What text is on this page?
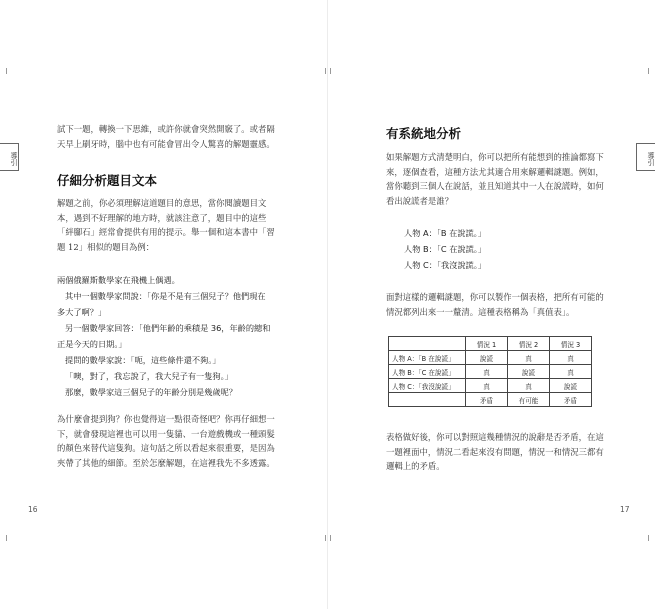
導引

試下一題，轉換一下思維，或許你就會突然開竅了。或者隔天早上刷牙時，腦中也有可能會冒出令人驚喜的解題靈感。

仔細分析題目文本

解題之前，你必須理解這道題目的意思，當你閱讀題目文本，遇到不好理解的地方時，就該注意了，題目中的這些「絆腳石」經常會提供有用的提示。舉一個和這本書中「習題 12」相似的題目為例：

兩個俄羅斯數學家在飛機上偶遇。
其中一個數學家問說：「你是不是有三個兒子？他們現在
多大了啊？」
另一個數學家回答：「他們年齡的乘積是 36，年齡的總和
正是今天的日期。」
提問的數學家說：「呃，這些條件還不夠。」
「噢，對了，我忘說了，我大兒子有一隻狗。」
那麼，數學家這三個兒子的年齡分別是幾歲呢？

為什麼會提到狗？你也覺得這一點很奇怪吧？你再仔細想一下，就會發現這裡也可以用一隻貓、一台遊戲機或一種頭髮的顏色來替代這隻狗。這句話之所以看起來很重要，是因為夾帶了其他的細節。至於怎麼解題，在這裡我先不多透露。

16
導引
有系統地分析

如果解題方式清楚明白，你可以把所有能想到的推論都寫下來，逐個查看，這種方法尤其適合用來解邏輯謎題。例如，當你聽到三個人在說話，並且知道其中一人在說謊時，如何看出說謊者是誰？

人物 A：「B 在說謊。」
人物 B：「C 在說謊。」
人物 C：「我沒說謊。」

面對這樣的邏輯謎題，你可以製作一個表格，把所有可能的情況都列出來一一釐清。這種表格稱為「真值表」。

	情況 1	情況 2	情況 3
人物 A：「B 在說謊」	說謊	真	真
人物 B：「C 在說謊」	真	說謊	真
人物 C：「我沒說謊」	真	真	說謊
	矛盾	有可能	矛盾

表格做好後，你可以對照這幾種情況的說辭是否矛盾，在這一題裡面中，情況二看起來沒有問題，情況一和情況三都有邏輯上的矛盾。

17
